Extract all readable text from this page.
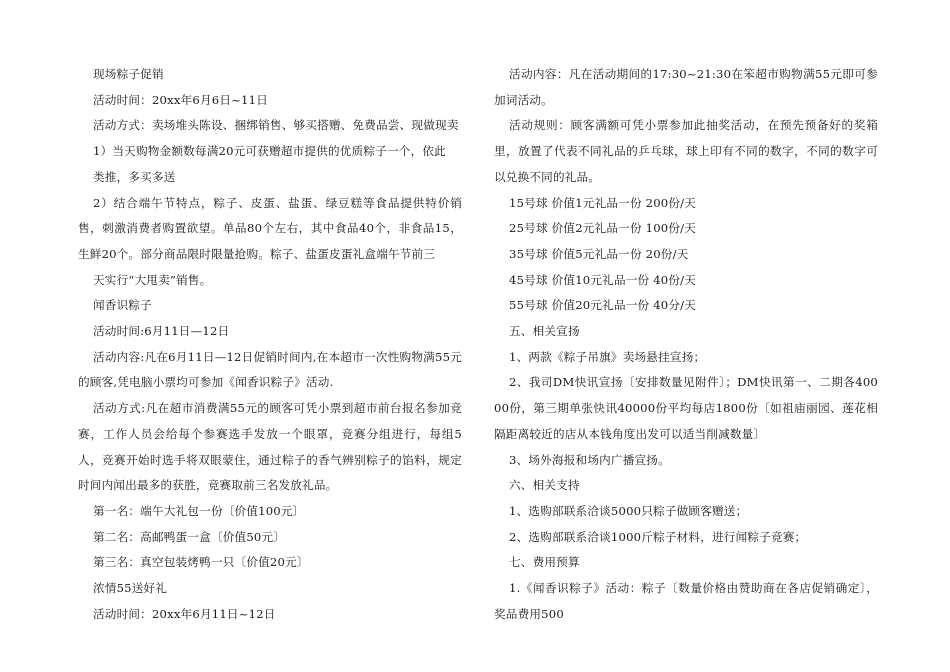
现场粽子促销

活动时间：20xx年6月6日~11日

活动方式：卖场堆头陈设、捆绑销售、够买搭赠、免费品尝、现做现卖

1）当天购物金额数每满20元可获赠超市提供的优质粽子一个，依此

类推，多买多送

2）结合端午节特点，粽子、皮蛋、盐蛋、绿豆糕等食品提供特价销售，刺激消费者购置欲望。单品80个左右，其中食品40个，非食品15，生鲜20个。部分商品限时限量抢购。粽子、盐蛋皮蛋礼盒端午节前三

天实行“大甩卖”销售。

闻香识粽子

活动时间:6月11日—12日

活动内容:凡在6月11日—12日促销时间内,在本超市一次性购物满55元的顾客,凭电脑小票均可参加《闻香识粽子》活动.

活动方式:凡在超市消费满55元的顾客可凭小票到超市前台报名参加竞赛，工作人员会给每个参赛选手发放一个眼罩，竞赛分组进行，每组5人，竞赛开始时选手将双眼蒙住，通过粽子的香气辨别粽子的馅料，规定时间内闻出最多的获胜，竞赛取前三名发放礼品。

第一名：端午大礼包一份〔价值100元〕

第二名：高邮鸭蛋一盒〔价值50元〕

第三名：真空包装烤鸭一只〔价值20元〕

浓情55送好礼

活动时间：20xx年6月11日~12日

活动内容：凡在活动期间的17:30~21:30在笨超市购物满55元即可参加词活动。

活动规则：顾客满额可凭小票参加此抽奖活动，在预先预备好的奖箱里，放置了代表不同礼品的乒乓球，球上印有不同的数字，不同的数字可以兑换不同的礼品。

15号球 价值1元礼品一份 200份/天

25号球 价值2元礼品一份 100份/天

35号球 价值5元礼品一份 20份/天

45号球 价值10元礼品一份 40份/天

55号球 价值20元礼品一份 40分/天

五、相关宣扬

1、两款《粽子吊旗》卖场悬挂宣扬；

2、我司DM快讯宣扬〔安排数量见附件〕；DM快讯第一、二期各40000份，第三期单张快讯40000份平均每店1800份〔如祖庙丽园、莲花相隔距离较近的店从本钱角度出发可以适当削减数量〕

3、场外海报和场内广播宣扬。

六、相关支持

1、选购部联系洽谈5000只粽子做顾客赠送；

2、选购部联系洽谈1000斤粽子材料，进行闻粽子竞赛；

七、费用预算

1.《闻香识粽子》活动：粽子〔数量价格由赞助商在各店促销确定〕，奖品费用500
